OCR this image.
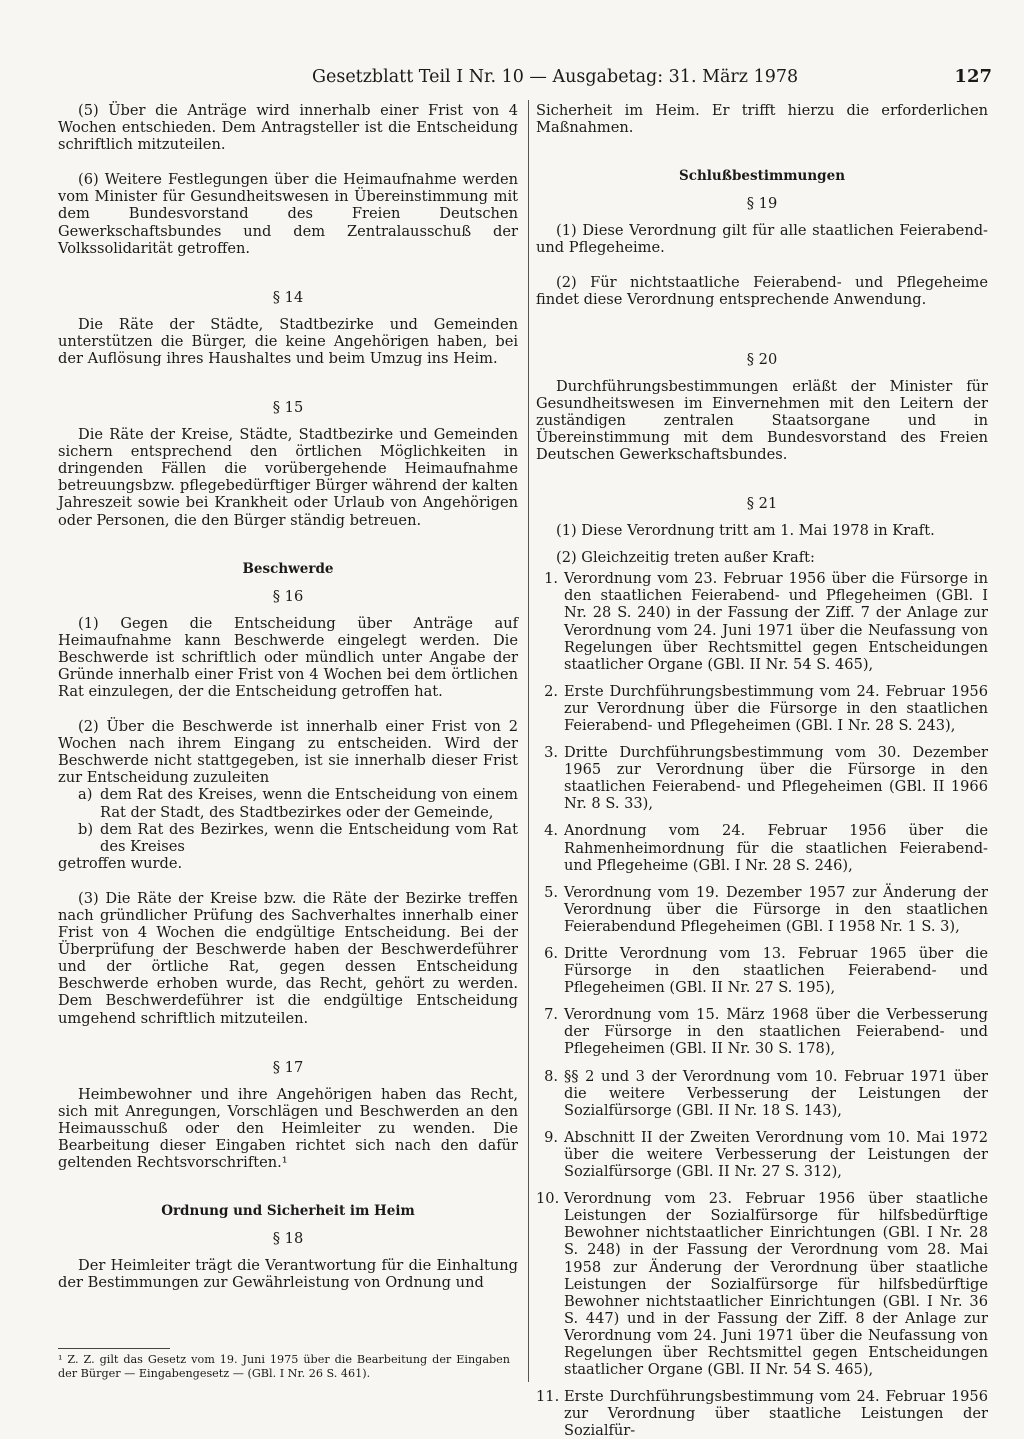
Gesetzblatt Teil I Nr. 10 — Ausgabetag: 31. März 1978	127

(5) Über die Anträge wird innerhalb einer Frist von 4 Wochen entschieden. Dem Antragsteller ist die Entscheidung schriftlich mitzuteilen.

(6) Weitere Festlegungen über die Heimaufnahme werden vom Minister für Gesundheitswesen in Übereinstimmung mit dem Bundesvorstand des Freien Deutschen Gewerkschaftsbundes und dem Zentralausschuß der Volkssolidarität getroffen.

§ 14

Die Räte der Städte, Stadtbezirke und Gemeinden unterstützen die Bürger, die keine Angehörigen haben, bei der Auflösung ihres Haushaltes und beim Umzug ins Heim.

§ 15

Die Räte der Kreise, Städte, Stadtbezirke und Gemeinden sichern entsprechend den örtlichen Möglichkeiten in dringenden Fällen die vorübergehende Heimaufnahme betreuungsbzw. pflegebedürftiger Bürger während der kalten Jahreszeit sowie bei Krankheit oder Urlaub von Angehörigen oder Personen, die den Bürger ständig betreuen.

Beschwerde
§ 16

(1) Gegen die Entscheidung über Anträge auf Heimaufnahme kann Beschwerde eingelegt werden. Die Beschwerde ist schriftlich oder mündlich unter Angabe der Gründe innerhalb einer Frist von 4 Wochen bei dem örtlichen Rat einzulegen, der die Entscheidung getroffen hat.

(2) Über die Beschwerde ist innerhalb einer Frist von 2 Wochen nach ihrem Eingang zu entscheiden. Wird der Beschwerde nicht stattgegeben, ist sie innerhalb dieser Frist zur Entscheidung zuzuleiten

a) dem Rat des Kreises, wenn die Entscheidung von einem Rat der Stadt, des Stadtbezirkes oder der Gemeinde,

b) dem Rat des Bezirkes, wenn die Entscheidung vom Rat des Kreises

getroffen wurde.

(3) Die Räte der Kreise bzw. die Räte der Bezirke treffen nach gründlicher Prüfung des Sachverhaltes innerhalb einer Frist von 4 Wochen die endgültige Entscheidung. Bei der Überprüfung der Beschwerde haben der Beschwerdeführer und der örtliche Rat, gegen dessen Entscheidung Beschwerde erhoben wurde, das Recht, gehört zu werden. Dem Beschwerdeführer ist die endgültige Entscheidung umgehend schriftlich mitzuteilen.

§ 17

Heimbewohner und ihre Angehörigen haben das Recht, sich mit Anregungen, Vorschlägen und Beschwerden an den Heimausschuß oder den Heimleiter zu wenden. Die Bearbeitung dieser Eingaben richtet sich nach den dafür geltenden Rechtsvorschriften.¹

Ordnung und Sicherheit im Heim
§ 18

Der Heimleiter trägt die Verantwortung für die Einhaltung der Bestimmungen zur Gewährleistung von Ordnung und

Sicherheit im Heim. Er trifft hierzu die erforderlichen Maßnahmen.

Schlußbestimmungen
§ 19

(1) Diese Verordnung gilt für alle staatlichen Feierabend- und Pflegeheime.

(2) Für nichtstaatliche Feierabend- und Pflegeheime findet diese Verordnung entsprechende Anwendung.

§ 20

Durchführungsbestimmungen erläßt der Minister für Gesundheitswesen im Einvernehmen mit den Leitern der zuständigen zentralen Staatsorgane und in Übereinstimmung mit dem Bundesvorstand des Freien Deutschen Gewerkschaftsbundes.

§ 21

(1) Diese Verordnung tritt am 1. Mai 1978 in Kraft.

(2) Gleichzeitig treten außer Kraft:

1. Verordnung vom 23. Februar 1956 über die Fürsorge in den staatlichen Feierabend- und Pflegeheimen (GBl. I Nr. 28 S. 240) in der Fassung der Ziff. 7 der Anlage zur Verordnung vom 24. Juni 1971 über die Neufassung von Regelungen über Rechtsmittel gegen Entscheidungen staatlicher Organe (GBl. II Nr. 54 S. 465),

2. Erste Durchführungsbestimmung vom 24. Februar 1956 zur Verordnung über die Fürsorge in den staatlichen Feierabend- und Pflegeheimen (GBl. I Nr. 28 S. 243),

3. Dritte Durchführungsbestimmung vom 30. Dezember 1965 zur Verordnung über die Fürsorge in den staatlichen Feierabend- und Pflegeheimen (GBl. II 1966 Nr. 8 S. 33),

4. Anordnung vom 24. Februar 1956 über die Rahmenheimordnung für die staatlichen Feierabend- und Pflegeheime (GBl. I Nr. 28 S. 246),

5. Verordnung vom 19. Dezember 1957 zur Änderung der Verordnung über die Fürsorge in den staatlichen Feierabendund Pflegeheimen (GBl. I 1958 Nr. 1 S. 3),

6. Dritte Verordnung vom 13. Februar 1965 über die Fürsorge in den staatlichen Feierabend- und Pflegeheimen (GBl. II Nr. 27 S. 195),

7. Verordnung vom 15. März 1968 über die Verbesserung der Fürsorge in den staatlichen Feierabend- und Pflegeheimen (GBl. II Nr. 30 S. 178),

8. §§ 2 und 3 der Verordnung vom 10. Februar 1971 über die weitere Verbesserung der Leistungen der Sozialfürsorge (GBl. II Nr. 18 S. 143),

9. Abschnitt II der Zweiten Verordnung vom 10. Mai 1972 über die weitere Verbesserung der Leistungen der Sozialfürsorge (GBl. II Nr. 27 S. 312),

10. Verordnung vom 23. Februar 1956 über staatliche Leistungen der Sozialfürsorge für hilfsbedürftige Bewohner nichtstaatlicher Einrichtungen (GBl. I Nr. 28 S. 248) in der Fassung der Verordnung vom 28. Mai 1958 zur Änderung der Verordnung über staatliche Leistungen der Sozialfürsorge für hilfsbedürftige Bewohner nichtstaatlicher Einrichtungen (GBl. I Nr. 36 S. 447) und in der Fassung der Ziff. 8 der Anlage zur Verordnung vom 24. Juni 1971 über die Neufassung von Regelungen über Rechtsmittel gegen Entscheidungen staatlicher Organe (GBl. II Nr. 54 S. 465),

11. Erste Durchführungsbestimmung vom 24. Februar 1956 zur Verordnung über staatliche Leistungen der Sozialfür-

¹ Z. Z. gilt das Gesetz vom 19. Juni 1975 über die Bearbeitung der Eingaben der Bürger — Eingabengesetz — (GBl. I Nr. 26 S. 461).
